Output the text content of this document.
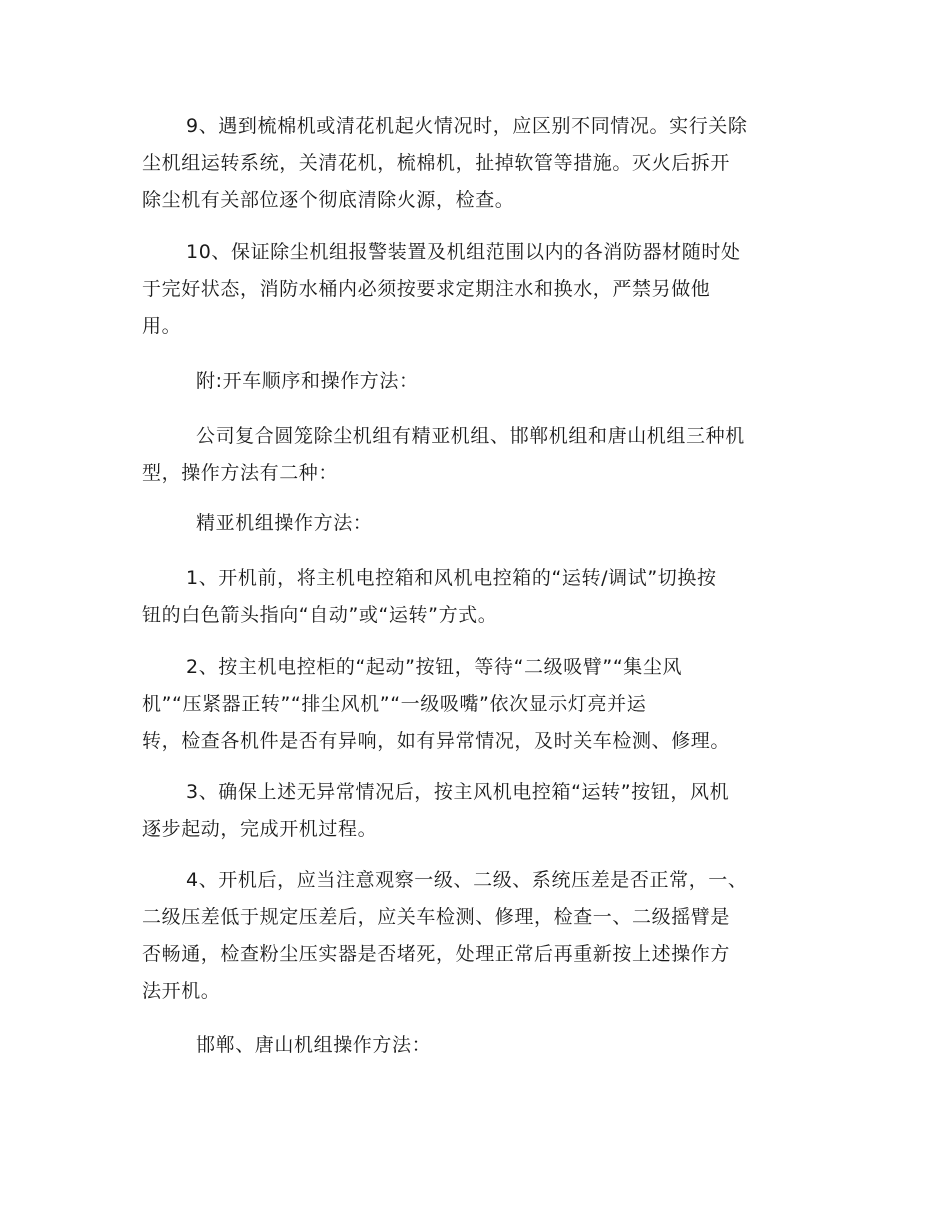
9、遇到梳棉机或清花机起火情况时，应区别不同情况。实行关除
尘机组运转系统，关清花机，梳棉机，扯掉软管等措施。灭火后拆开
除尘机有关部位逐个彻底清除火源，检查。

10、保证除尘机组报警装置及机组范围以内的各消防器材随时处
于完好状态，消防水桶内必须按要求定期注水和换水，严禁另做他
用。

附:开车顺序和操作方法：

公司复合圆笼除尘机组有精亚机组、邯郸机组和唐山机组三种机
型，操作方法有二种：

精亚机组操作方法：

1、开机前，将主机电控箱和风机电控箱的“运转/调试”切换按
钮的白色箭头指向“自动”或“运转”方式。

2、按主机电控柜的“起动”按钮，等待“二级吸臂”“集尘风
机”“压紧器正转”“排尘风机”“一级吸嘴”依次显示灯亮并运
转，检查各机件是否有异响，如有异常情况，及时关车检测、修理。

3、确保上述无异常情况后，按主风机电控箱“运转”按钮，风机
逐步起动，完成开机过程。

4、开机后，应当注意观察一级、二级、系统压差是否正常，一、
二级压差低于规定压差后，应关车检测、修理，检查一、二级摇臂是
否畅通，检查粉尘压实器是否堵死，处理正常后再重新按上述操作方
法开机。

邯郸、唐山机组操作方法：
